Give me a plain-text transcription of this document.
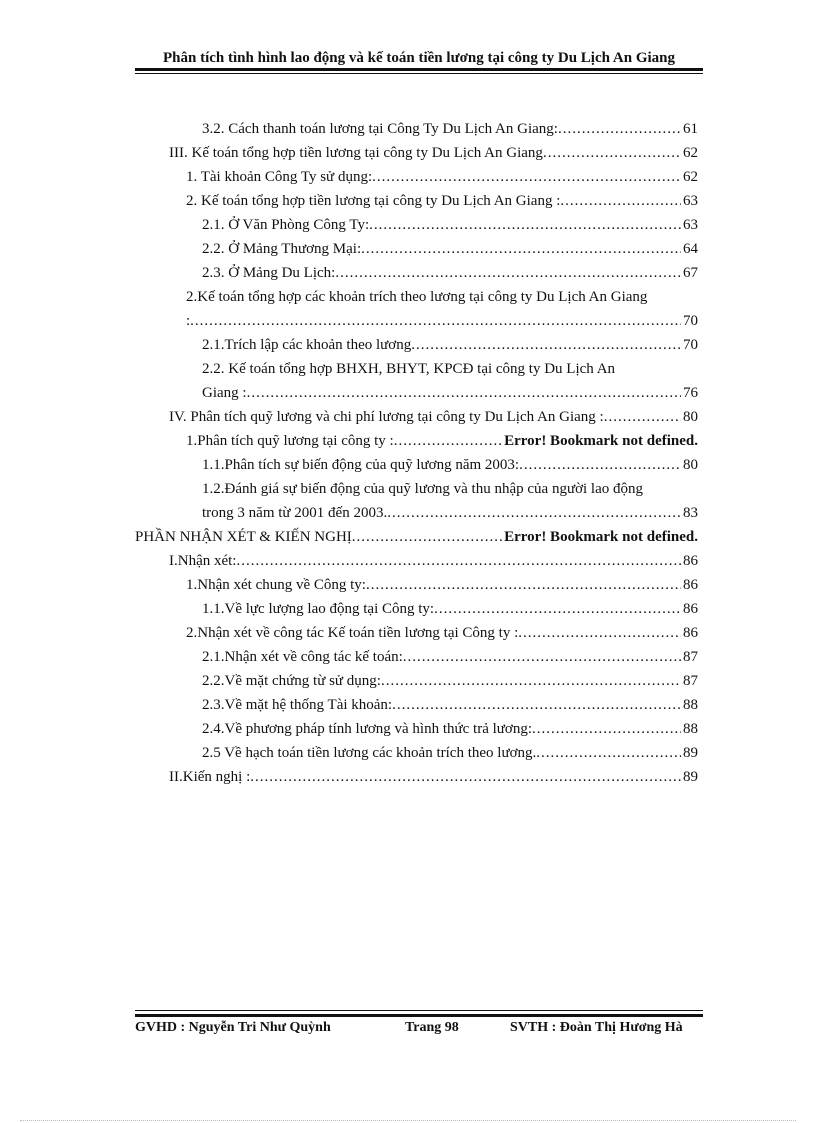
Phân tích tình hình lao động và kế toán tiền lương tại công ty Du Lịch An Giang
3.2. Cách thanh toán lương tại Công Ty Du Lịch An Giang: .....	61
III. Kế toán tổng hợp tiền lương tại công ty Du Lịch An Giang .....	62
1. Tài khoản Công Ty sử dụng: .....	62
2. Kế toán tổng hợp tiền lương tại công ty Du Lịch An Giang : .....	63
2.1. Ở Văn Phòng Công Ty: .....	63
2.2. Ở Mảng Thương Mại: .....	64
2.3. Ở Mảng Du Lịch: .....	67
2.Kế toán tổng hợp các khoản trích theo lương tại công ty Du Lịch An Giang
: .....	70
2.1.Trích lập các khoản theo lương .....	70
2.2. Kế toán tổng hợp BHXH, BHYT, KPCĐ tại công ty Du Lịch An
Giang : .....	76
IV. Phân tích quỹ lương và chi phí lương tại công ty Du Lịch An Giang : .....	80
1.Phân tích quỹ lương tại công ty : .....	Error! Bookmark not defined.
1.1.Phân tích sự biến động của quỹ lương năm 2003: .....	80
1.2.Đánh giá sự biến động của quỹ lương và thu nhập của người lao động
trong 3 năm từ 2001 đến 2003. .....	83
PHẦN NHẬN XÉT & KIẾN NGHỊ .....	Error! Bookmark not defined.
I.Nhận xét: .....	86
1.Nhận xét chung về Công ty: .....	86
1.1.Về lực lượng lao động tại Công ty: .....	86
2.Nhận xét về công tác Kế toán tiền lương tại Công ty : .....	86
2.1.Nhận xét về công tác kế toán: .....	87
2.2.Về mặt chứng từ sử dụng: .....	87
2.3.Về mặt hệ thống Tài khoản: .....	88
2.4.Về phương pháp tính lương và hình thức trả lương: .....	88
2.5 Về hạch toán tiền lương các khoản trích theo lương. .....	89
II.Kiến nghị : .....	89
GVHD : Nguyễn Tri Như Quỳnh	Trang 98	SVTH : Đoàn Thị Hương Hà
